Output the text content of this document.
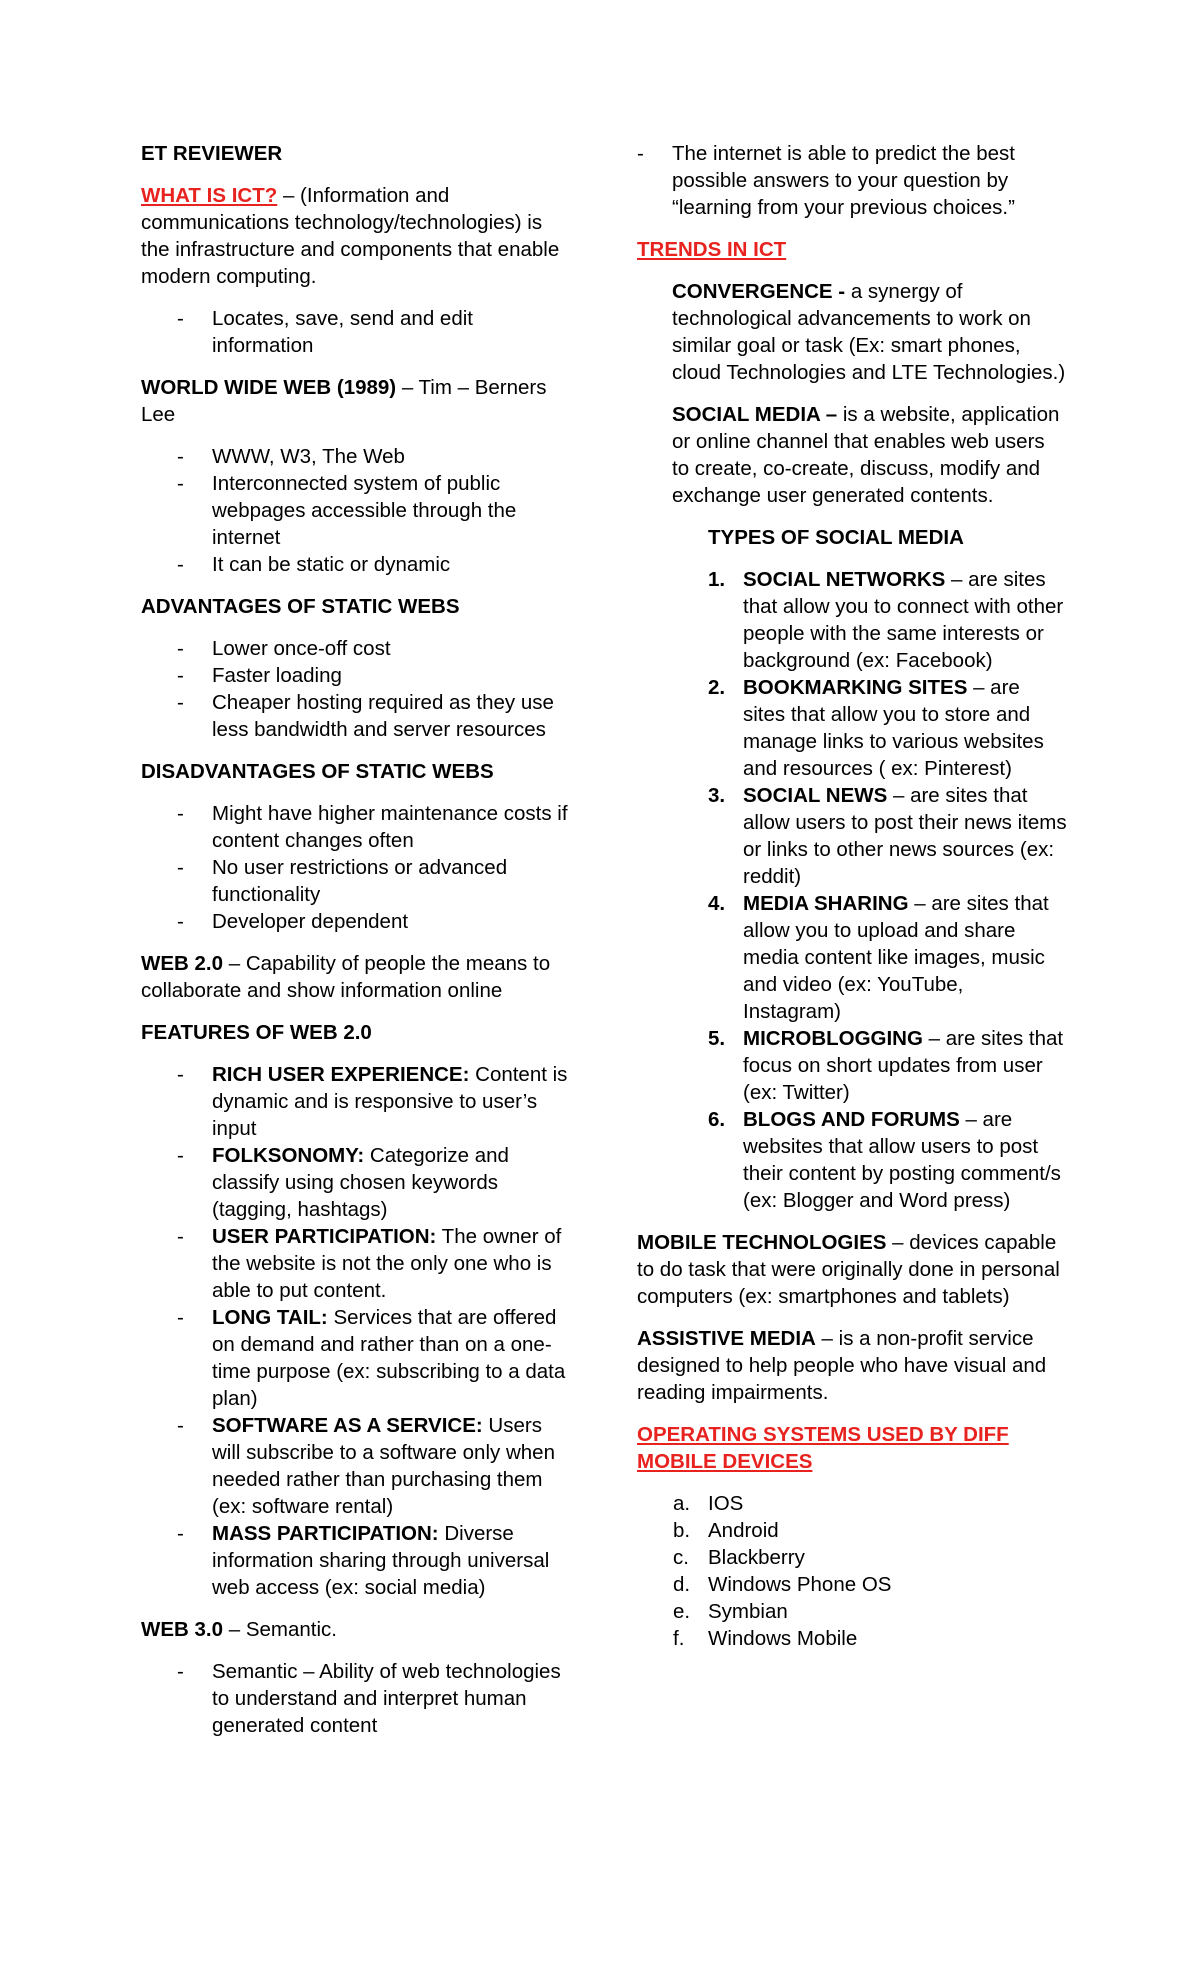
ET REVIEWER

WHAT IS ICT? – (Information and communications technology/technologies) is the infrastructure and components that enable modern computing.

- Locates, save, send and edit information

WORLD WIDE WEB (1989) – Tim – Berners Lee

- WWW, W3, The Web
- Interconnected system of public webpages accessible through the internet
- It can be static or dynamic

ADVANTAGES OF STATIC WEBS

- Lower once-off cost
- Faster loading
- Cheaper hosting required as they use less bandwidth and server resources

DISADVANTAGES OF STATIC WEBS

- Might have higher maintenance costs if content changes often
- No user restrictions or advanced functionality
- Developer dependent

WEB 2.0 – Capability of people the means to collaborate and show information online

FEATURES OF WEB 2.0

- RICH USER EXPERIENCE: Content is dynamic and is responsive to user’s input
- FOLKSONOMY: Categorize and classify using chosen keywords (tagging, hashtags)
- USER PARTICIPATION: The owner of the website is not the only one who is able to put content.
- LONG TAIL: Services that are offered on demand and rather than on a one-time purpose (ex: subscribing to a data plan)
- SOFTWARE AS A SERVICE: Users will subscribe to a software only when needed rather than purchasing them (ex: software rental)
- MASS PARTICIPATION: Diverse information sharing through universal web access (ex: social media)

WEB 3.0 – Semantic.

- Semantic – Ability of web technologies to understand and interpret human generated content
- The internet is able to predict the best possible answers to your question by “learning from your previous choices.”

TRENDS IN ICT

CONVERGENCE - a synergy of technological advancements to work on similar goal or task (Ex: smart phones, cloud Technologies and LTE Technologies.)

SOCIAL MEDIA – is a website, application or online channel that enables web users to create, co-create, discuss, modify and exchange user generated contents.

TYPES OF SOCIAL MEDIA

1. SOCIAL NETWORKS – are sites that allow you to connect with other people with the same interests or background (ex: Facebook)
2. BOOKMARKING SITES – are sites that allow you to store and manage links to various websites and resources ( ex: Pinterest)
3. SOCIAL NEWS – are sites that allow users to post their news items or links to other news sources (ex: reddit)
4. MEDIA SHARING – are sites that allow you to upload and share media content like images, music and video (ex: YouTube, Instagram)
5. MICROBLOGGING – are sites that focus on short updates from user (ex: Twitter)
6. BLOGS AND FORUMS – are websites that allow users to post their content by posting comment/s (ex: Blogger and Word press)

MOBILE TECHNOLOGIES – devices capable to do task that were originally done in personal computers (ex: smartphones and tablets)

ASSISTIVE MEDIA – is a non-profit service designed to help people who have visual and reading impairments.

OPERATING SYSTEMS USED BY DIFF MOBILE DEVICES

a. IOS
b. Android
c. Blackberry
d. Windows Phone OS
e. Symbian
f. Windows Mobile
